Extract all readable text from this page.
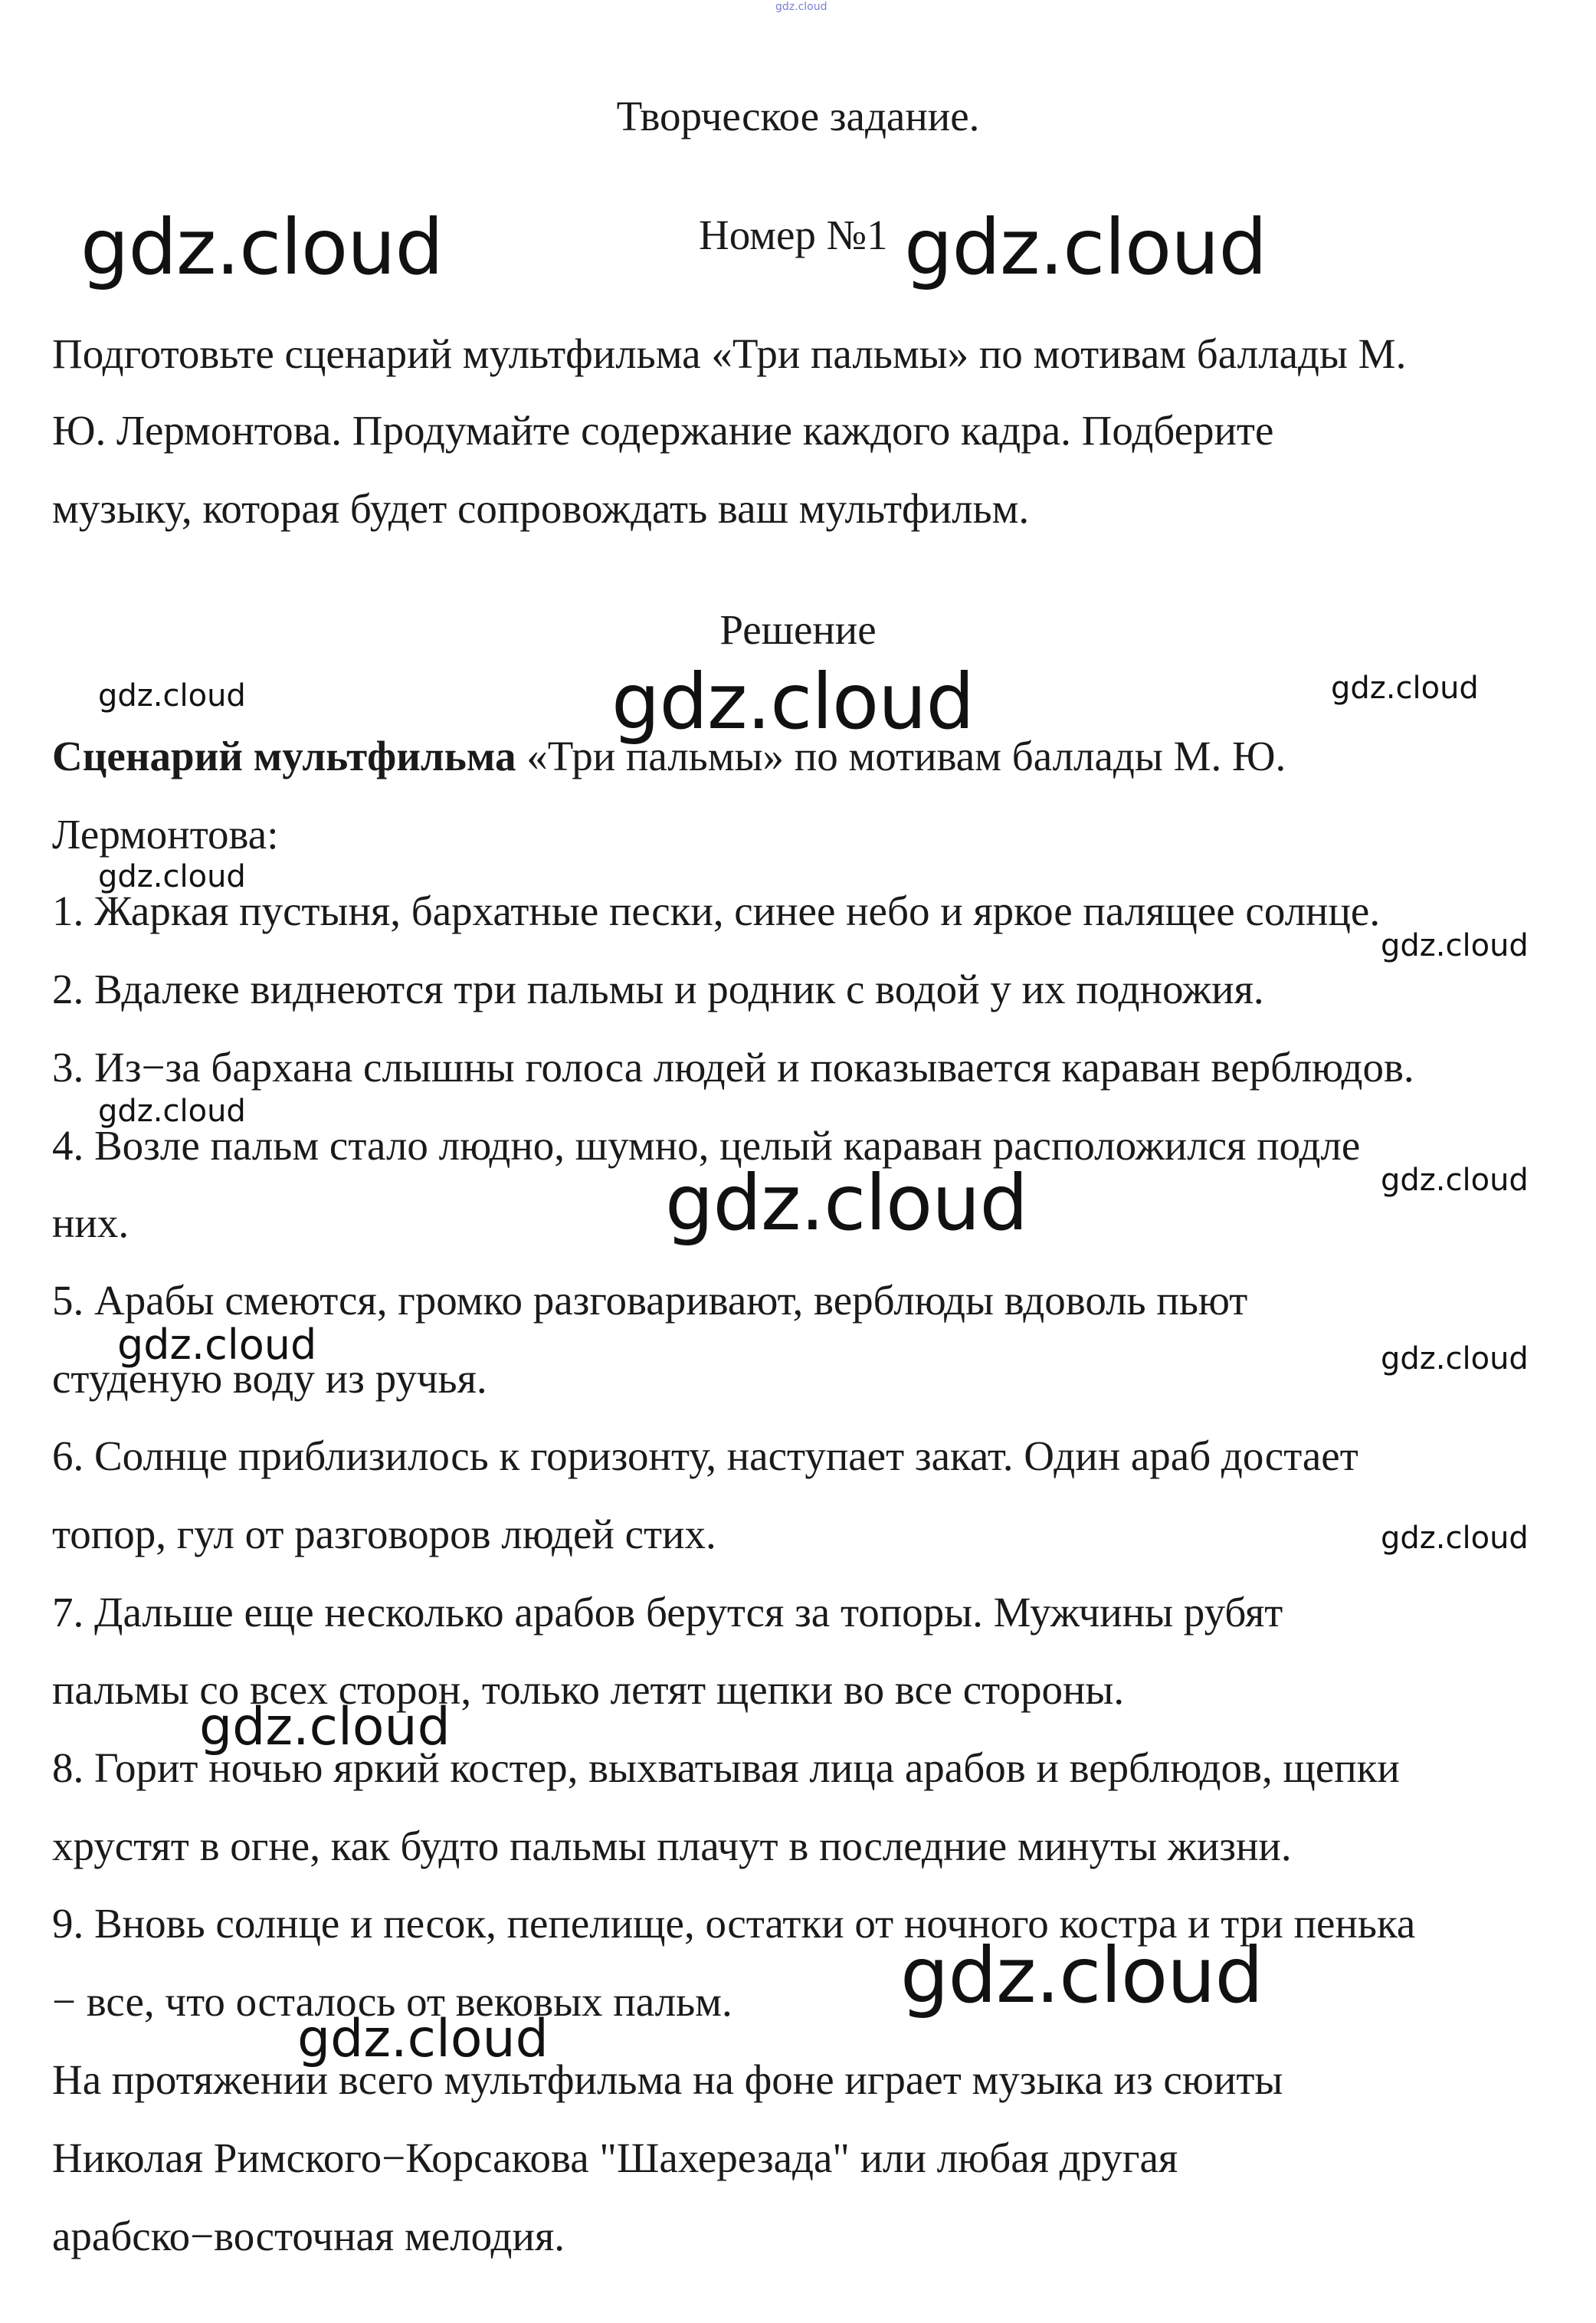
gdz.cloud
Творческое задание.
Номер №1
Подготовьте сценарий мультфильма «Три пальмы» по мотивам баллады М.
Ю. Лермонтова. Продумайте содержание каждого кадра. Подберите
музыку, которая будет сопровождать ваш мультфильм.
Решение
Сценарий мультфильма «Три пальмы» по мотивам баллады М. Ю.
Лермонтова:
1. Жаркая пустыня, бархатные пески, синее небо и яркое палящее солнце.
2. Вдалеке виднеются три пальмы и родник с водой у их подножия.
3. Из−за бархана слышны голоса людей и показывается караван верблюдов.
4. Возле пальм стало людно, шумно, целый караван расположился подле
них.
5. Арабы смеются, громко разговаривают, верблюды вдоволь пьют
студеную воду из ручья.
6. Солнце приблизилось к горизонту, наступает закат. Один араб достает
топор, гул от разговоров людей стих.
7. Дальше еще несколько арабов берутся за топоры. Мужчины рубят
пальмы со всех сторон, только летят щепки во все стороны.
8. Горит ночью яркий костер, выхватывая лица арабов и верблюдов, щепки
хрустят в огне, как будто пальмы плачут в последние минуты жизни.
9. Вновь солнце и песок, пепелище, остатки от ночного костра и три пенька
− все, что осталось от вековых пальм.
На протяжении всего мультфильма на фоне играет музыка из сюиты
Николая Римского−Корсакова "Шахерезада" или любая другая
арабско−восточная мелодия.
gdz.cloud	gdz.cloud
gdz.cloud
gdz.cloud
gdz.cloud
gdz.cloud	gdz.cloud
gdz.cloud
gdz.cloud
gdz.cloud
gdz.cloud
gdz.cloud
gdz.cloud
gdz.cloud
gdz.cloud
gdz.cloud
